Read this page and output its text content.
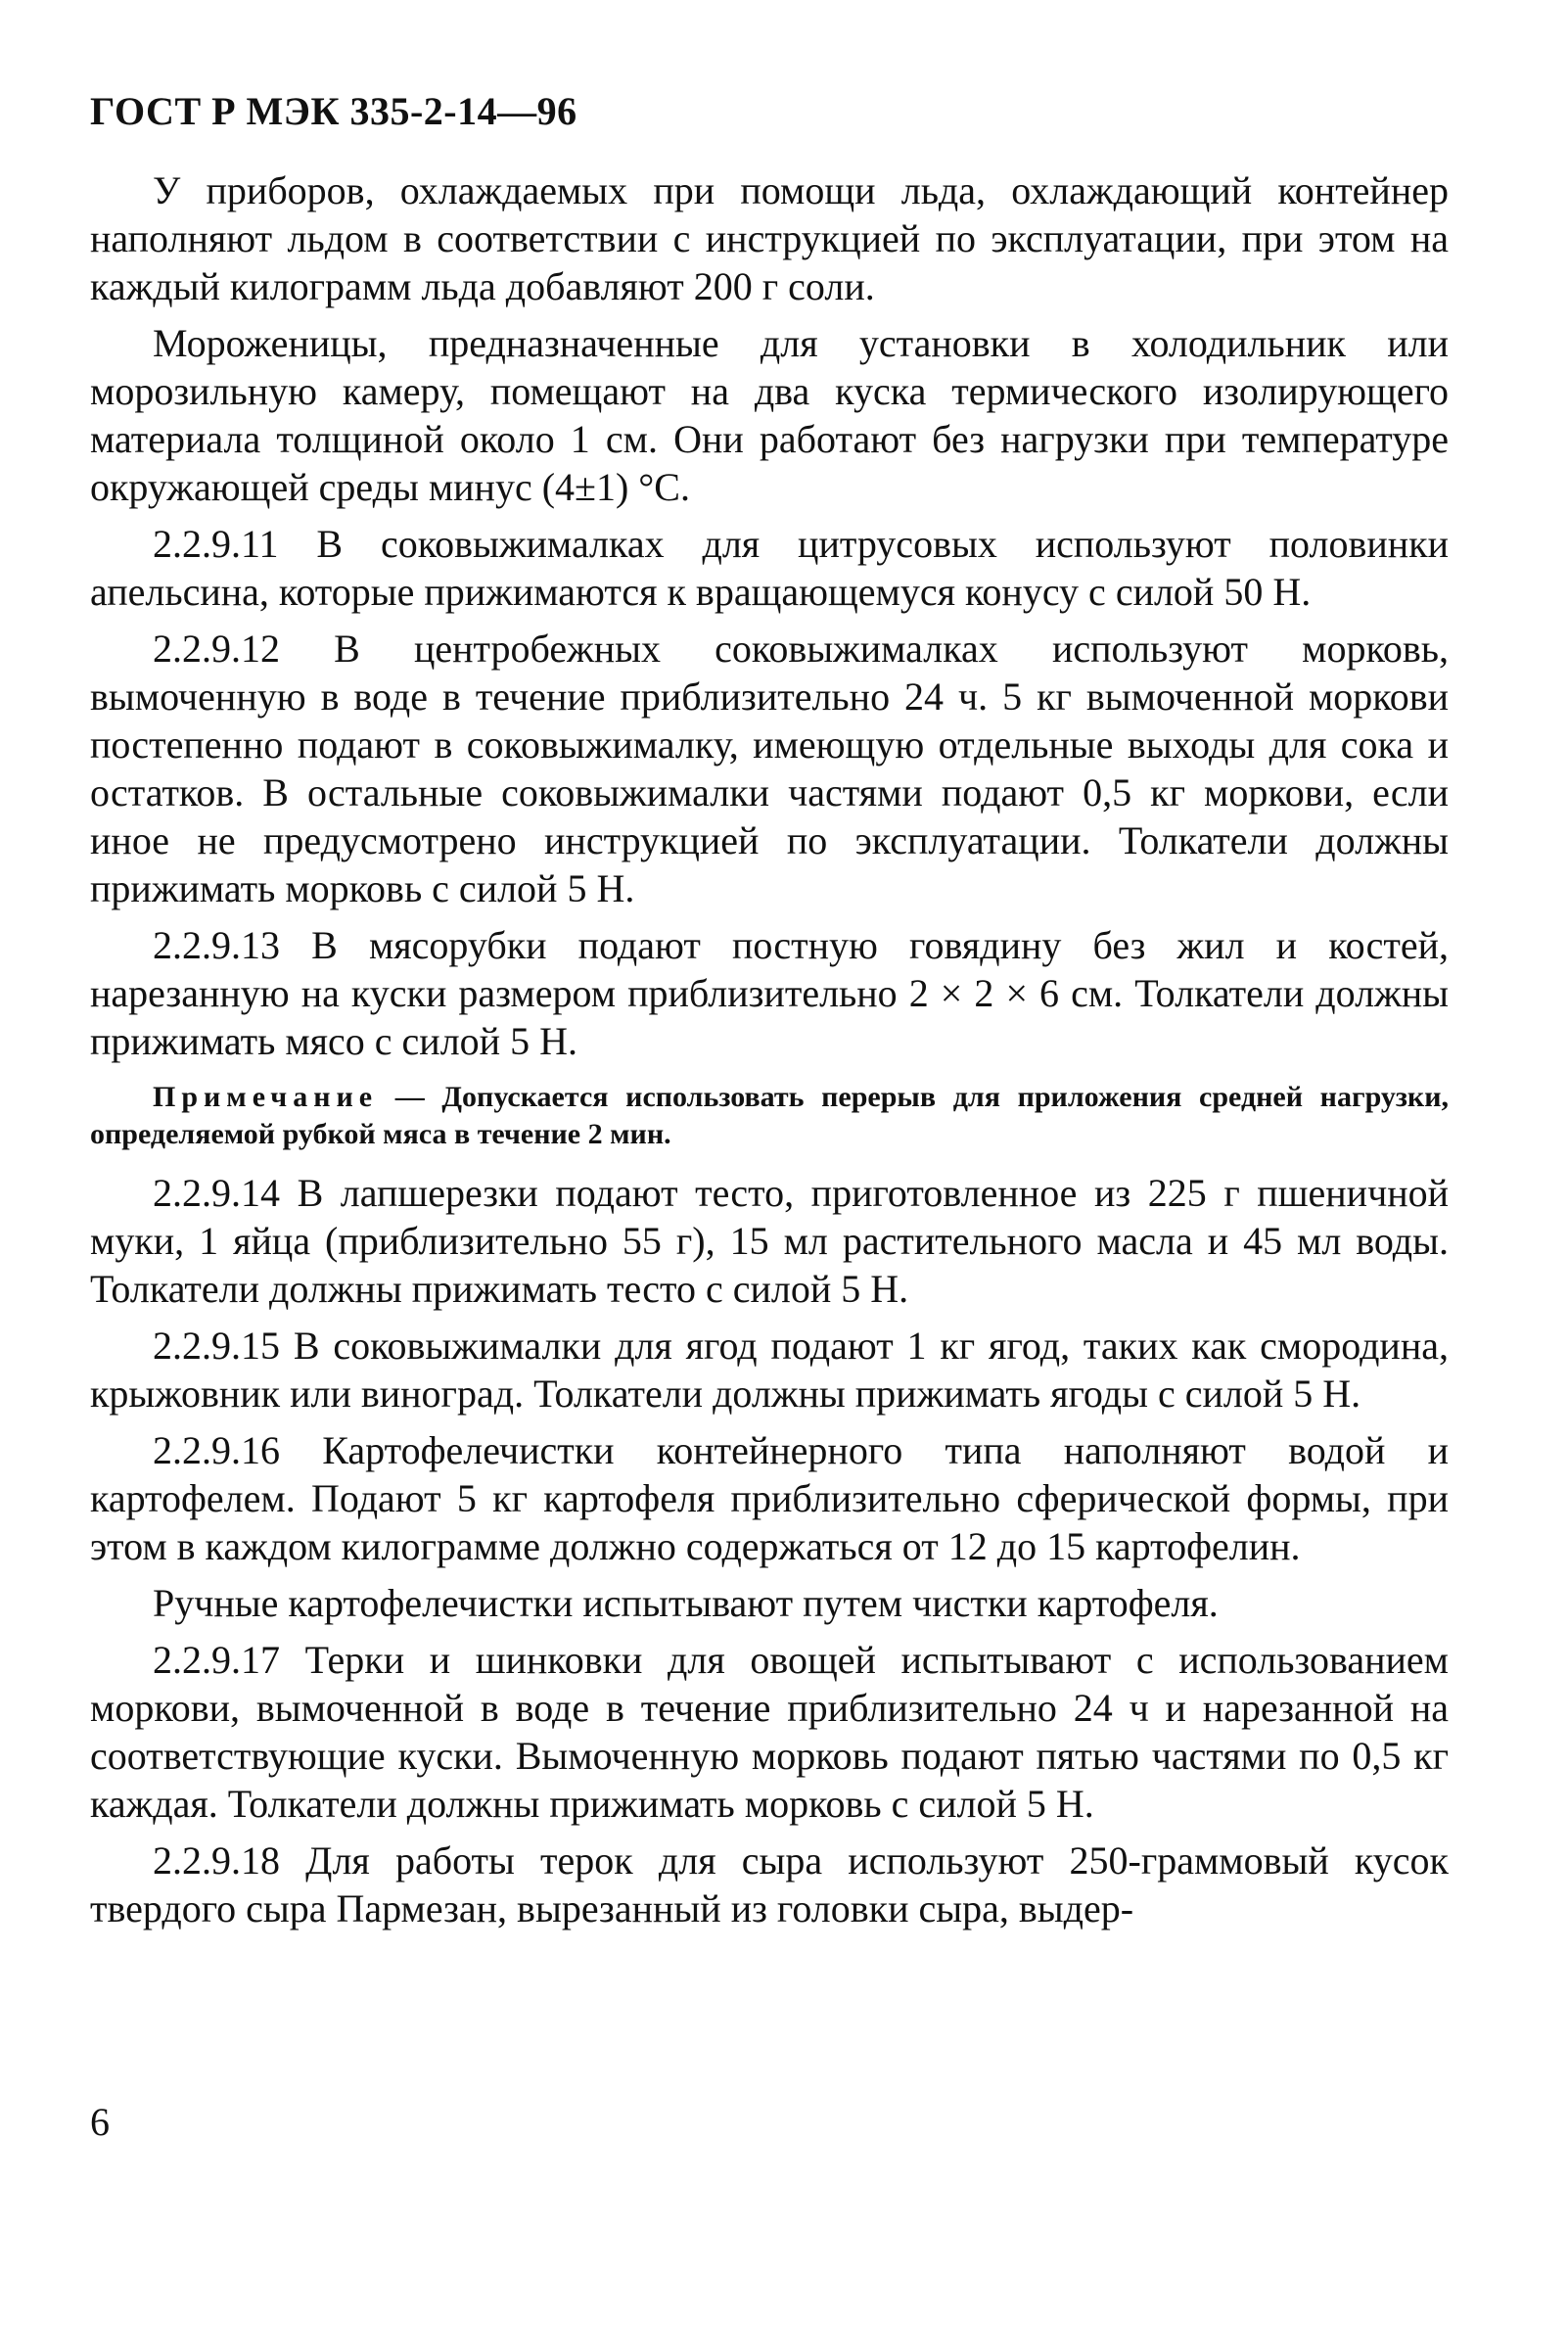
ГОСТ Р МЭК 335-2-14—96

У приборов, охлаждаемых при помощи льда, охлаждающий контейнер наполняют льдом в соответствии с инструкцией по эксплуатации, при этом на каждый килограмм льда добавляют 200 г соли.

Мороженицы, предназначенные для установки в холодильник или морозильную камеру, помещают на два куска термического изолирующего материала толщиной около 1 см. Они работают без нагрузки при температуре окружающей среды минус (4±1) °С.

2.2.9.11 В соковыжималках для цитрусовых используют половинки апельсина, которые прижимаются к вращающемуся конусу с силой 50 Н.

2.2.9.12 В центробежных соковыжималках используют морковь, вымоченную в воде в течение приблизительно 24 ч. 5 кг вымоченной моркови постепенно подают в соковыжималку, имеющую отдельные выходы для сока и остатков. В остальные соковыжималки частями подают 0,5 кг моркови, если иное не предусмотрено инструкцией по эксплуатации. Толкатели должны прижимать морковь с силой 5 Н.

2.2.9.13 В мясорубки подают постную говядину без жил и костей, нарезанную на куски размером приблизительно 2 × 2 × 6 см. Толкатели должны прижимать мясо с силой 5 Н.

Примечание — Допускается использовать перерыв для приложения средней нагрузки, определяемой рубкой мяса в течение 2 мин.

2.2.9.14 В лапшерезки подают тесто, приготовленное из 225 г пшеничной муки, 1 яйца (приблизительно 55 г), 15 мл растительного масла и 45 мл воды. Толкатели должны прижимать тесто с силой 5 Н.

2.2.9.15 В соковыжималки для ягод подают 1 кг ягод, таких как смородина, крыжовник или виноград. Толкатели должны прижимать ягоды с силой 5 Н.

2.2.9.16 Картофелечистки контейнерного типа наполняют водой и картофелем. Подают 5 кг картофеля приблизительно сферической формы, при этом в каждом килограмме должно содержаться от 12 до 15 картофелин.

Ручные картофелечистки испытывают путем чистки картофеля.

2.2.9.17 Терки и шинковки для овощей испытывают с использованием моркови, вымоченной в воде в течение приблизительно 24 ч и нарезанной на соответствующие куски. Вымоченную морковь подают пятью частями по 0,5 кг каждая. Толкатели должны прижимать морковь с силой 5 Н.

2.2.9.18 Для работы терок для сыра используют 250-граммовый кусок твердого сыра Пармезан, вырезанный из головки сыра, выдер-

6
